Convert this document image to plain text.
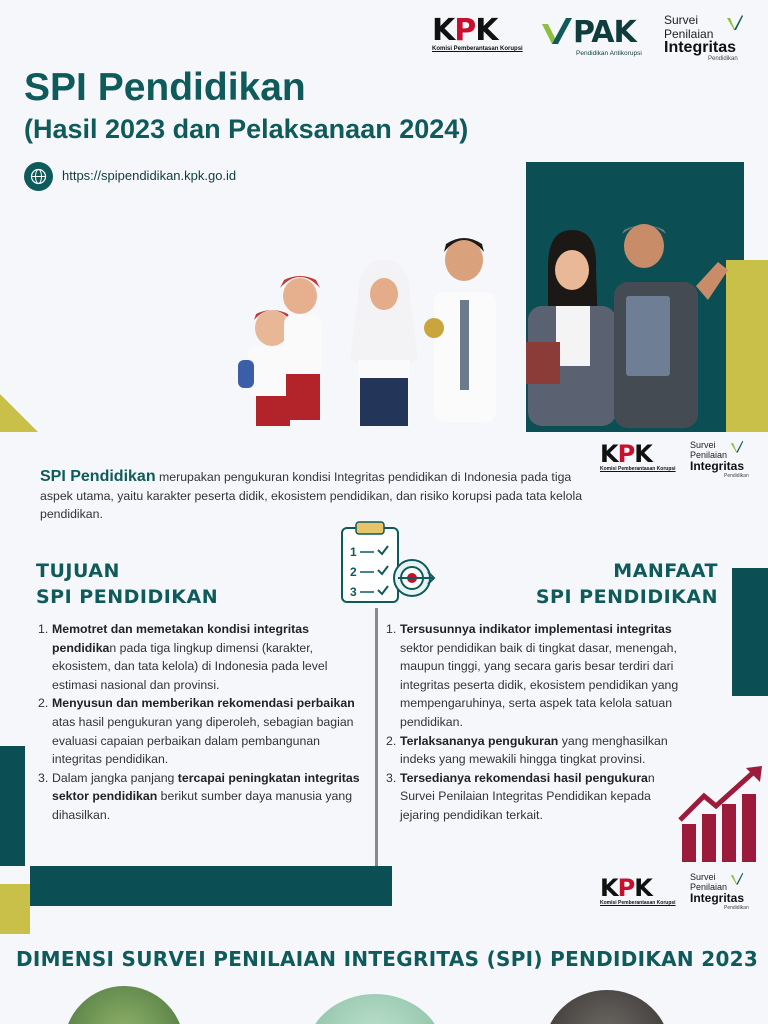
KPK
Komisi Pemberantasan Korupsi	PAK
Pendidikan Antikorupsi
Survei
Penilaian
Integritas
Pendidikan
SPI Pendidikan
(Hasil 2023 dan Pelaksanaan 2024)
https://spipendidikan.kpk.go.id
KPK
Komisi Pemberantasan Korupsi
Survei
Penilaian
Integritas
Pendidikan
SPI Pendidikan merupakan pengukuran kondisi Integritas pendidikan di Indonesia pada tiga aspek utama, yaitu karakter peserta didik, ekosistem pendidikan, dan risiko korupsi pada tata kelola pendidikan.
1
2
3
TUJUAN
SPI PENDIDIKAN
MANFAAT
SPI PENDIDIKAN
1. Memotret dan memetakan kondisi integritas pendidikan pada tiga lingkup dimensi (karakter, ekosistem, dan tata kelola) di Indonesia pada level estimasi nasional dan provinsi.
2. Menyusun dan memberikan rekomendasi perbaikan atas hasil pengukuran yang diperoleh, sebagian bagian evaluasi capaian perbaikan dalam pembangunan integritas pendidikan.
3. Dalam jangka panjang tercapai peningkatan integritas sektor pendidikan berikut sumber daya manusia yang dihasilkan.
1. Tersusunnya indikator implementasi integritas sektor pendidikan baik di tingkat dasar, menengah, maupun tinggi, yang secara garis besar terdiri dari integritas peserta didik, ekosistem pendidikan yang mempengaruhinya, serta aspek tata kelola satuan pendidikan.
2. Terlaksananya pengukuran yang menghasilkan indeks yang mewakili hingga tingkat provinsi.
3. Tersedianya rekomendasi hasil pengukuran Survei Penilaian Integritas Pendidikan kepada jejaring pendidikan terkait.
KPK
Komisi Pemberantasan Korupsi
Survei
Penilaian
Integritas
Pendidikan
DIMENSI SURVEI PENILAIAN INTEGRITAS (SPI) PENDIDIKAN 2023
